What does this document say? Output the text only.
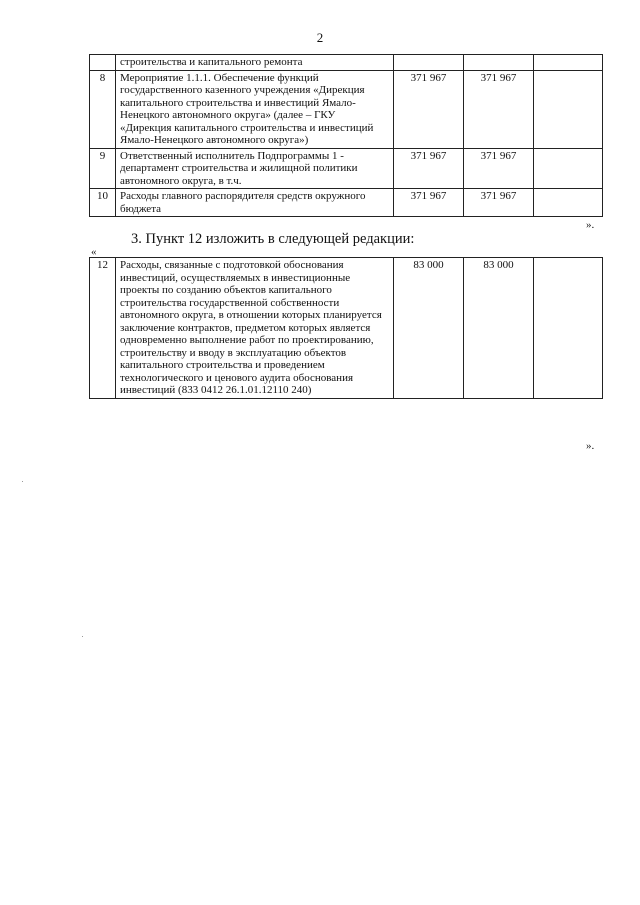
2
	строительства и капитального ремонта			
8	Мероприятие 1.1.1. Обеспечение функций государственного казенного учреждения «Дирекция капитального строительства и инвестиций Ямало-Ненецкого автономного округа» (далее – ГКУ «Дирекция капитального строительства и инвестиций Ямало-Ненецкого автономного округа»)	371 967	371 967	
9	Ответственный исполнитель Подпрограммы 1 - департамент строительства и жилищной политики автономного округа, в т.ч.	371 967	371 967	
10	Расходы главного распорядителя средств окружного бюджета	371 967	371 967	
».
3. Пункт 12 изложить в следующей редакции:
«
12	Расходы, связанные с подготовкой обоснования инвестиций, осуществляемых в инвестиционные проекты по созданию объектов капитального строительства государственной собственности автономного округа, в отношении которых планируется заключение контрактов, предметом которых является одновременно выполнение работ по проектированию, строительству и вводу в эксплуатацию объектов капитального строительства и проведением технологического и ценового аудита обоснования инвестиций (833 0412 26.1.01.12110 240)	83 000	83 000	
».
